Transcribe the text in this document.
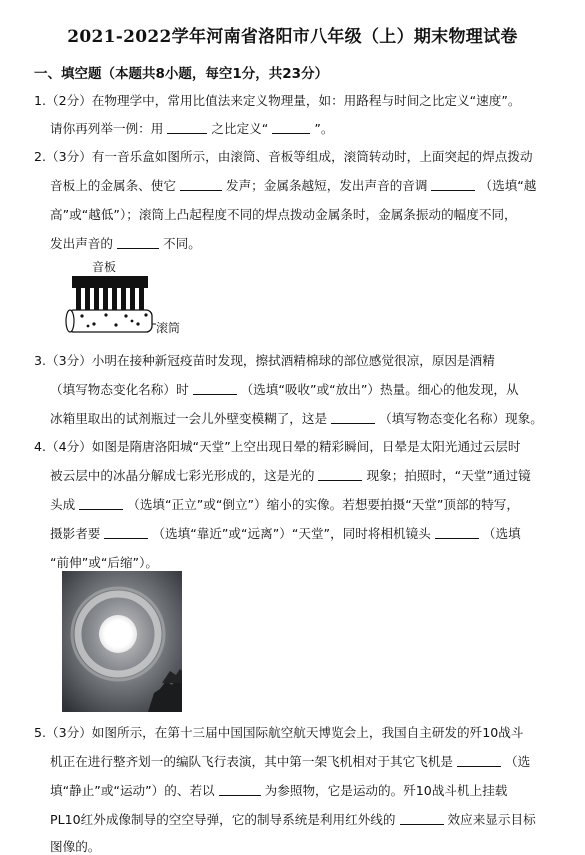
2021-2022学年河南省洛阳市八年级（上）期末物理试卷
一、填空题（本题共8小题，每空1分，共23分）
1.（2分）在物理学中，常用比值法来定义物理量，如：用路程与时间之比定义“速度”。
请你再列举一例：用	之比定义“	”。
2.（3分）有一音乐盒如图所示，由滚筒、音板等组成，滚筒转动时，上面突起的焊点拨动
音板上的金属条、使它	发声；金属条越短，发出声音的音调	（选填“越
高”或“越低”）；滚筒上凸起程度不同的焊点拨动金属条时，金属条振动的幅度不同，
发出声音的	不同。
音板
滚筒
3.（3分）小明在接种新冠疫苗时发现，擦拭酒精棉球的部位感觉很凉，原因是酒精
（填写物态变化名称）时	（选填“吸收”或“放出”）热量。细心的他发现，从
冰箱里取出的试剂瓶过一会儿外壁变模糊了，这是	（填写物态变化名称）现象。
4.（4分）如图是隋唐洛阳城“天堂”上空出现日晕的精彩瞬间，日晕是太阳光通过云层时
被云层中的冰晶分解成七彩光形成的，这是光的	现象；拍照时，“天堂”通过镜
头成	（选填“正立”或“倒立”）缩小的实像。若想要拍摄“天堂”顶部的特写，
摄影者要	（选填“靠近”或“远离”）“天堂”，同时将相机镜头	（选填
“前伸”或“后缩”）。
5.（3分）如图所示，在第十三届中国国际航空航天博览会上，我国自主研发的歼10战斗
机正在进行整齐划一的编队飞行表演，其中第一架飞机相对于其它飞机是	（选
填“静止”或“运动”）的、若以	为参照物，它是运动的。歼10战斗机上挂载
PL10红外成像制导的空空导弹，它的制导系统是利用红外线的	效应来显示目标
图像的。
